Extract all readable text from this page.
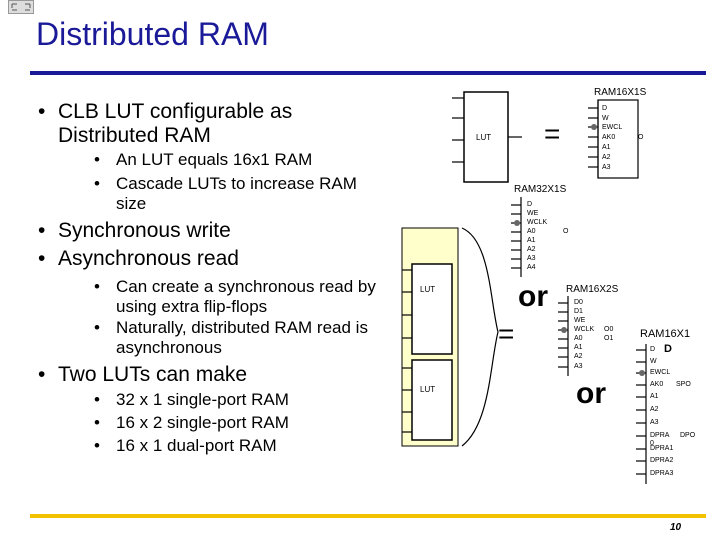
Distributed RAM
• CLB LUT configurable as Distributed RAM
• An LUT equals 16x1 RAM
• Cascade LUTs to increase RAM size
• Synchronous write
• Asynchronous read
• Can create a synchronous read by using extra flip-flops
• Naturally, distributed RAM read is asynchronous
• Two LUTs can make
• 32 x 1 single-port RAM
• 16 x 2 single-port RAM
• 16 x 1 dual-port RAM
LUT
LUT
LUT
=
=
or
or
RAM16X1S
D
W
EWCL
AK0
A1
A2
A3
O
RAM32X1S
D
WE
WCLK
A0
A1
A2
A3
A4
O
RAM16X2S
D0
D1
WE
WCLK
A0
A1
A2
A3
O0
O1 RAM16X1
D
D
W
EWCL
AK0
A1
A2
A3
DPRA
0
DPRA1
DPRA2
DPRA3
SPO
DPO
10
